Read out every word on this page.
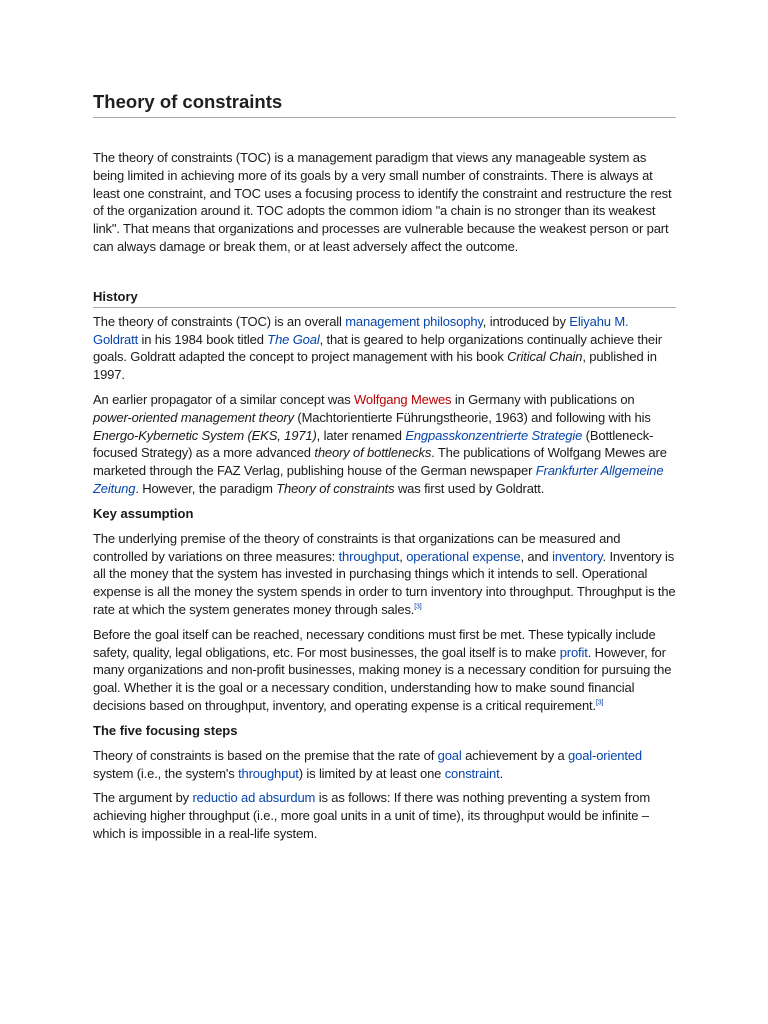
Theory of constraints

The theory of constraints (TOC) is a management paradigm that views any manageable system as being limited in achieving more of its goals by a very small number of constraints. There is always at least one constraint, and TOC uses a focusing process to identify the constraint and restructure the rest of the organization around it. TOC adopts the common idiom "a chain is no stronger than its weakest link". That means that organizations and processes are vulnerable because the weakest person or part can always damage or break them, or at least adversely affect the outcome.

History

The theory of constraints (TOC) is an overall management philosophy, introduced by Eliyahu M. Goldratt in his 1984 book titled The Goal, that is geared to help organizations continually achieve their goals. Goldratt adapted the concept to project management with his book Critical Chain, published in 1997.

An earlier propagator of a similar concept was Wolfgang Mewes in Germany with publications on power-oriented management theory (Machtorientierte Führungstheorie, 1963) and following with his Energo-Kybernetic System (EKS, 1971), later renamed Engpasskonzentrierte Strategie (Bottleneck-focused Strategy) as a more advanced theory of bottlenecks. The publications of Wolfgang Mewes are marketed through the FAZ Verlag, publishing house of the German newspaper Frankfurter Allgemeine Zeitung. However, the paradigm Theory of constraints was first used by Goldratt.

Key assumption

The underlying premise of the theory of constraints is that organizations can be measured and controlled by variations on three measures: throughput, operational expense, and inventory. Inventory is all the money that the system has invested in purchasing things which it intends to sell. Operational expense is all the money the system spends in order to turn inventory into throughput. Throughput is the rate at which the system generates money through sales.[3]

Before the goal itself can be reached, necessary conditions must first be met. These typically include safety, quality, legal obligations, etc. For most businesses, the goal itself is to make profit. However, for many organizations and non-profit businesses, making money is a necessary condition for pursuing the goal. Whether it is the goal or a necessary condition, understanding how to make sound financial decisions based on throughput, inventory, and operating expense is a critical requirement.[3]

The five focusing steps

Theory of constraints is based on the premise that the rate of goal achievement by a goal-oriented system (i.e., the system's throughput) is limited by at least one constraint.

The argument by reductio ad absurdum is as follows: If there was nothing preventing a system from achieving higher throughput (i.e., more goal units in a unit of time), its throughput would be infinite – which is impossible in a real-life system.
